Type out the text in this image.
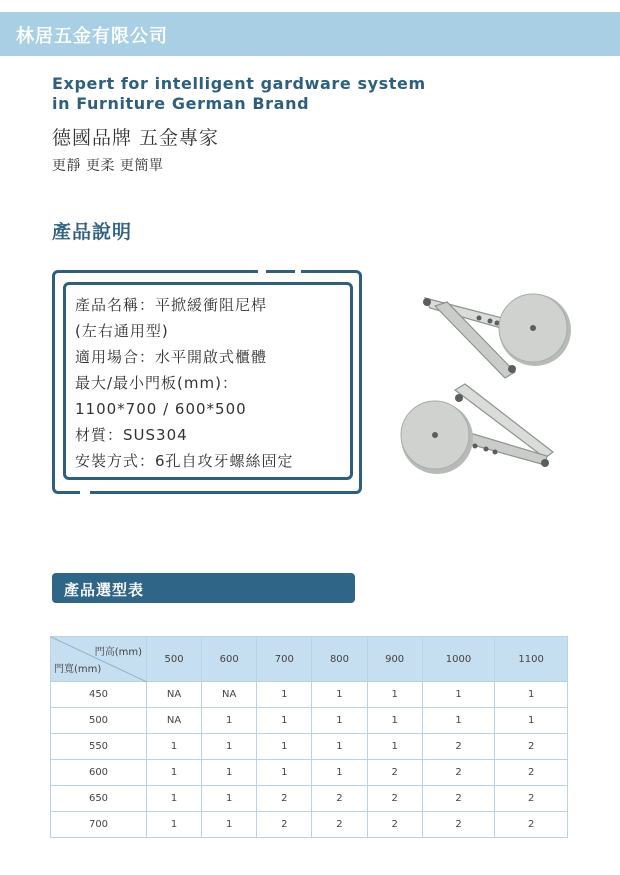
林居五金有限公司
Expert for intelligent gardware system
in Furniture German Brand
德國品牌 五金專家
更靜 更柔 更簡單
產品說明
產品名稱：平掀緩衝阻尼桿
(左右通用型)
適用場合：水平開啟式櫃體
最大/最小門板(mm)：
1100*700 / 600*500
材質：SUS304
安裝方式：6孔自攻牙螺絲固定
產品選型表
門高(mm)
門寬(mm)	500	600	700	800	900	1000	1100
450	NA	NA	1	1	1	1	1
500	NA	1	1	1	1	1	1
550	1	1	1	1	1	2	2
600	1	1	1	1	2	2	2
650	1	1	2	2	2	2	2
700	1	1	2	2	2	2	2
